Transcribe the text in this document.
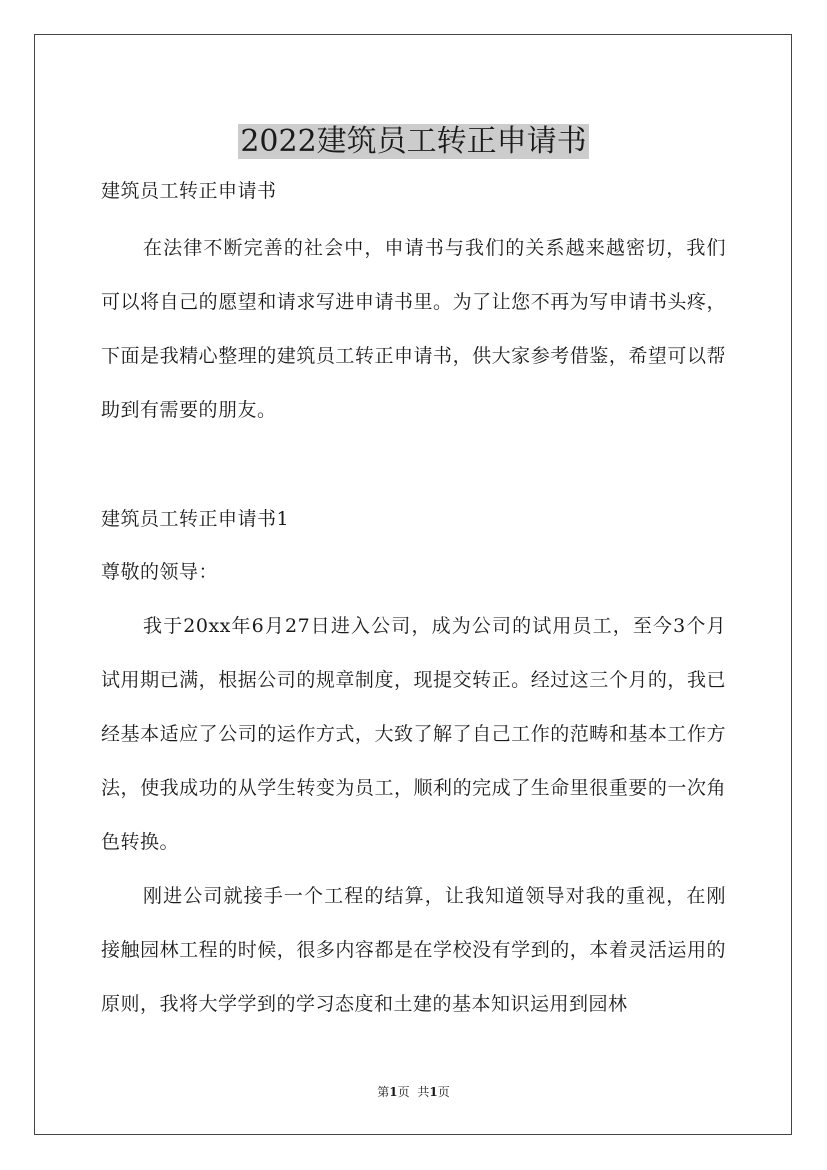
2022建筑员工转正申请书

建筑员工转正申请书

在法律不断完善的社会中，申请书与我们的关系越来越密切，我们可以将自己的愿望和请求写进申请书里。为了让您不再为写申请书头疼，下面是我精心整理的建筑员工转正申请书，供大家参考借鉴，希望可以帮助到有需要的朋友。

建筑员工转正申请书1

尊敬的领导：

我于20xx年6月27日进入公司，成为公司的试用员工，至今3个月试用期已满，根据公司的规章制度，现提交转正。经过这三个月的，我已经基本适应了公司的运作方式，大致了解了自己工作的范畴和基本工作方法，使我成功的从学生转变为员工，顺利的完成了生命里很重要的一次角色转换。

刚进公司就接手一个工程的结算，让我知道领导对我的重视，在刚接触园林工程的时候，很多内容都是在学校没有学到的，本着灵活运用的原则，我将大学学到的学习态度和土建的基本知识运用到园林

第1页 共1页
